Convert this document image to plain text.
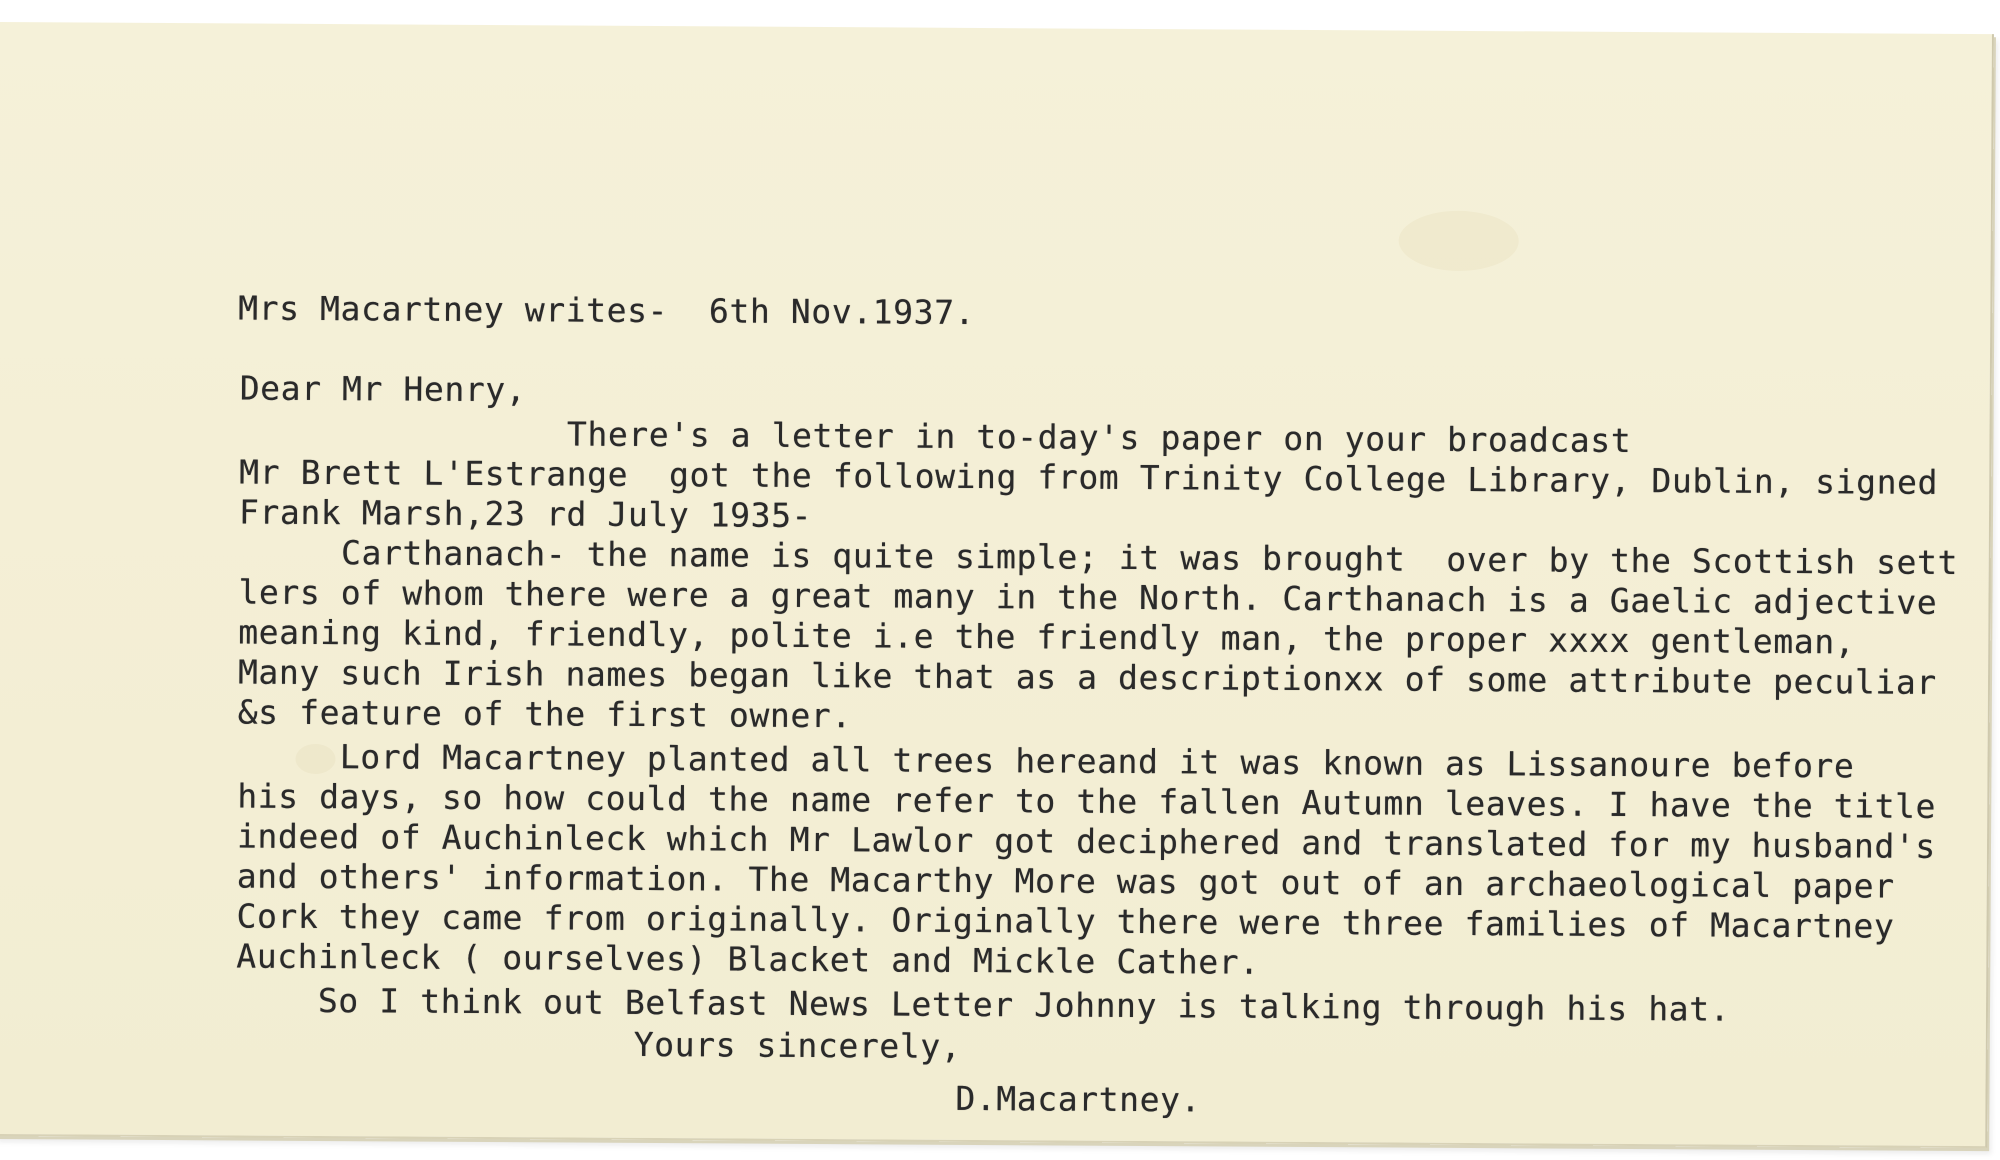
Mrs Macartney writes-  6th Nov.1937.
Dear Mr Henry,
There's a letter in to-day's paper on your broadcast
Mr Brett L'Estrange  got the following from Trinity College Library, Dublin, signed
Frank Marsh,23 rd July 1935-
Carthanach- the name is quite simple; it was brought  over by the Scottish sett
lers of whom there were a great many in the North. Carthanach is a Gaelic adjective
meaning kind, friendly, polite i.e the friendly man, the proper xxxx gentleman,
Many such Irish names began like that as a descriptionxx of some attribute peculiar
&s feature of the first owner.
Lord Macartney planted all trees hereand it was known as Lissanoure before
his days, so how could the name refer to the fallen Autumn leaves. I have the title
indeed of Auchinleck which Mr Lawlor got deciphered and translated for my husband's
and others' information. The Macarthy More was got out of an archaeological paper
Cork they came from originally. Originally there were three families of Macartney
Auchinleck ( ourselves) Blacket and Mickle Cather.
So I think out Belfast News Letter Johnny is talking through his hat.
Yours sincerely,
D.Macartney.
